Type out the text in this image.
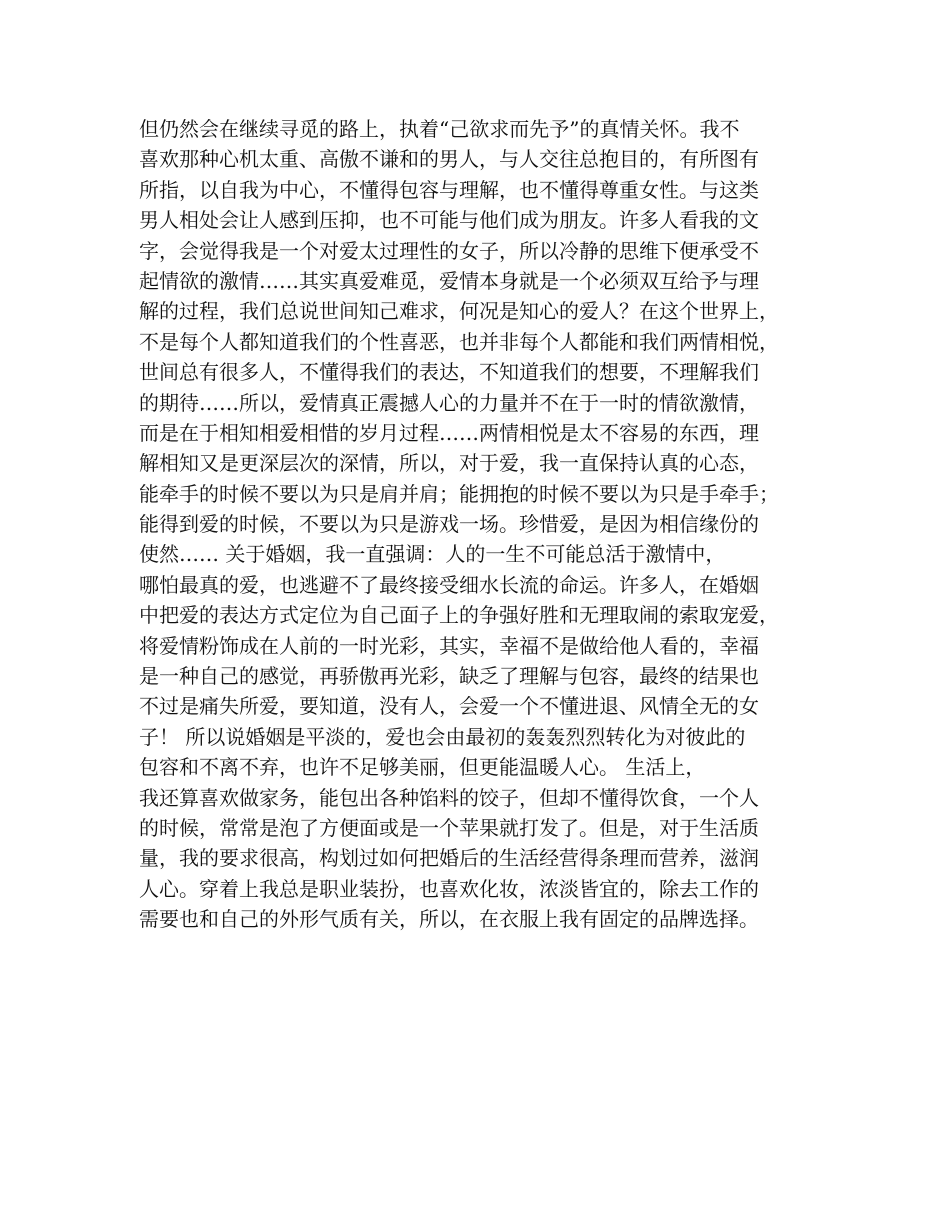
但仍然会在继续寻觅的路上，执着“己欲求而先予”的真情关怀。我不
喜欢那种心机太重、高傲不谦和的男人，与人交往总抱目的，有所图有
所指，以自我为中心，不懂得包容与理解，也不懂得尊重女性。与这类
男人相处会让人感到压抑，也不可能与他们成为朋友。许多人看我的文
字，会觉得我是一个对爱太过理性的女子，所以冷静的思维下便承受不
起情欲的激情……其实真爱难觅，爱情本身就是一个必须双互给予与理
解的过程，我们总说世间知己难求，何况是知心的爱人？在这个世界上，
不是每个人都知道我们的个性喜恶，也并非每个人都能和我们两情相悦，
世间总有很多人，不懂得我们的表达，不知道我们的想要，不理解我们
的期待……所以，爱情真正震撼人心的力量并不在于一时的情欲激情，
而是在于相知相爱相惜的岁月过程……两情相悦是太不容易的东西，理
解相知又是更深层次的深情，所以，对于爱，我一直保持认真的心态，
能牵手的时候不要以为只是肩并肩；能拥抱的时候不要以为只是手牵手；
能得到爱的时候，不要以为只是游戏一场。珍惜爱，是因为相信缘份的
使然…… 关于婚姻，我一直强调：人的一生不可能总活于激情中，
哪怕最真的爱，也逃避不了最终接受细水长流的命运。许多人，在婚姻
中把爱的表达方式定位为自己面子上的争强好胜和无理取闹的索取宠爱，
将爱情粉饰成在人前的一时光彩，其实，幸福不是做给他人看的，幸福
是一种自己的感觉，再骄傲再光彩，缺乏了理解与包容，最终的结果也
不过是痛失所爱，要知道，没有人，会爱一个不懂进退、风情全无的女
子！ 所以说婚姻是平淡的，爱也会由最初的轰轰烈烈转化为对彼此的
包容和不离不弃，也许不足够美丽，但更能温暖人心。 生活上，
我还算喜欢做家务，能包出各种馅料的饺子，但却不懂得饮食，一个人
的时候，常常是泡了方便面或是一个苹果就打发了。但是，对于生活质
量，我的要求很高，构划过如何把婚后的生活经营得条理而营养，滋润
人心。穿着上我总是职业装扮，也喜欢化妆，浓淡皆宜的，除去工作的
需要也和自己的外形气质有关，所以，在衣服上我有固定的品牌选择。
